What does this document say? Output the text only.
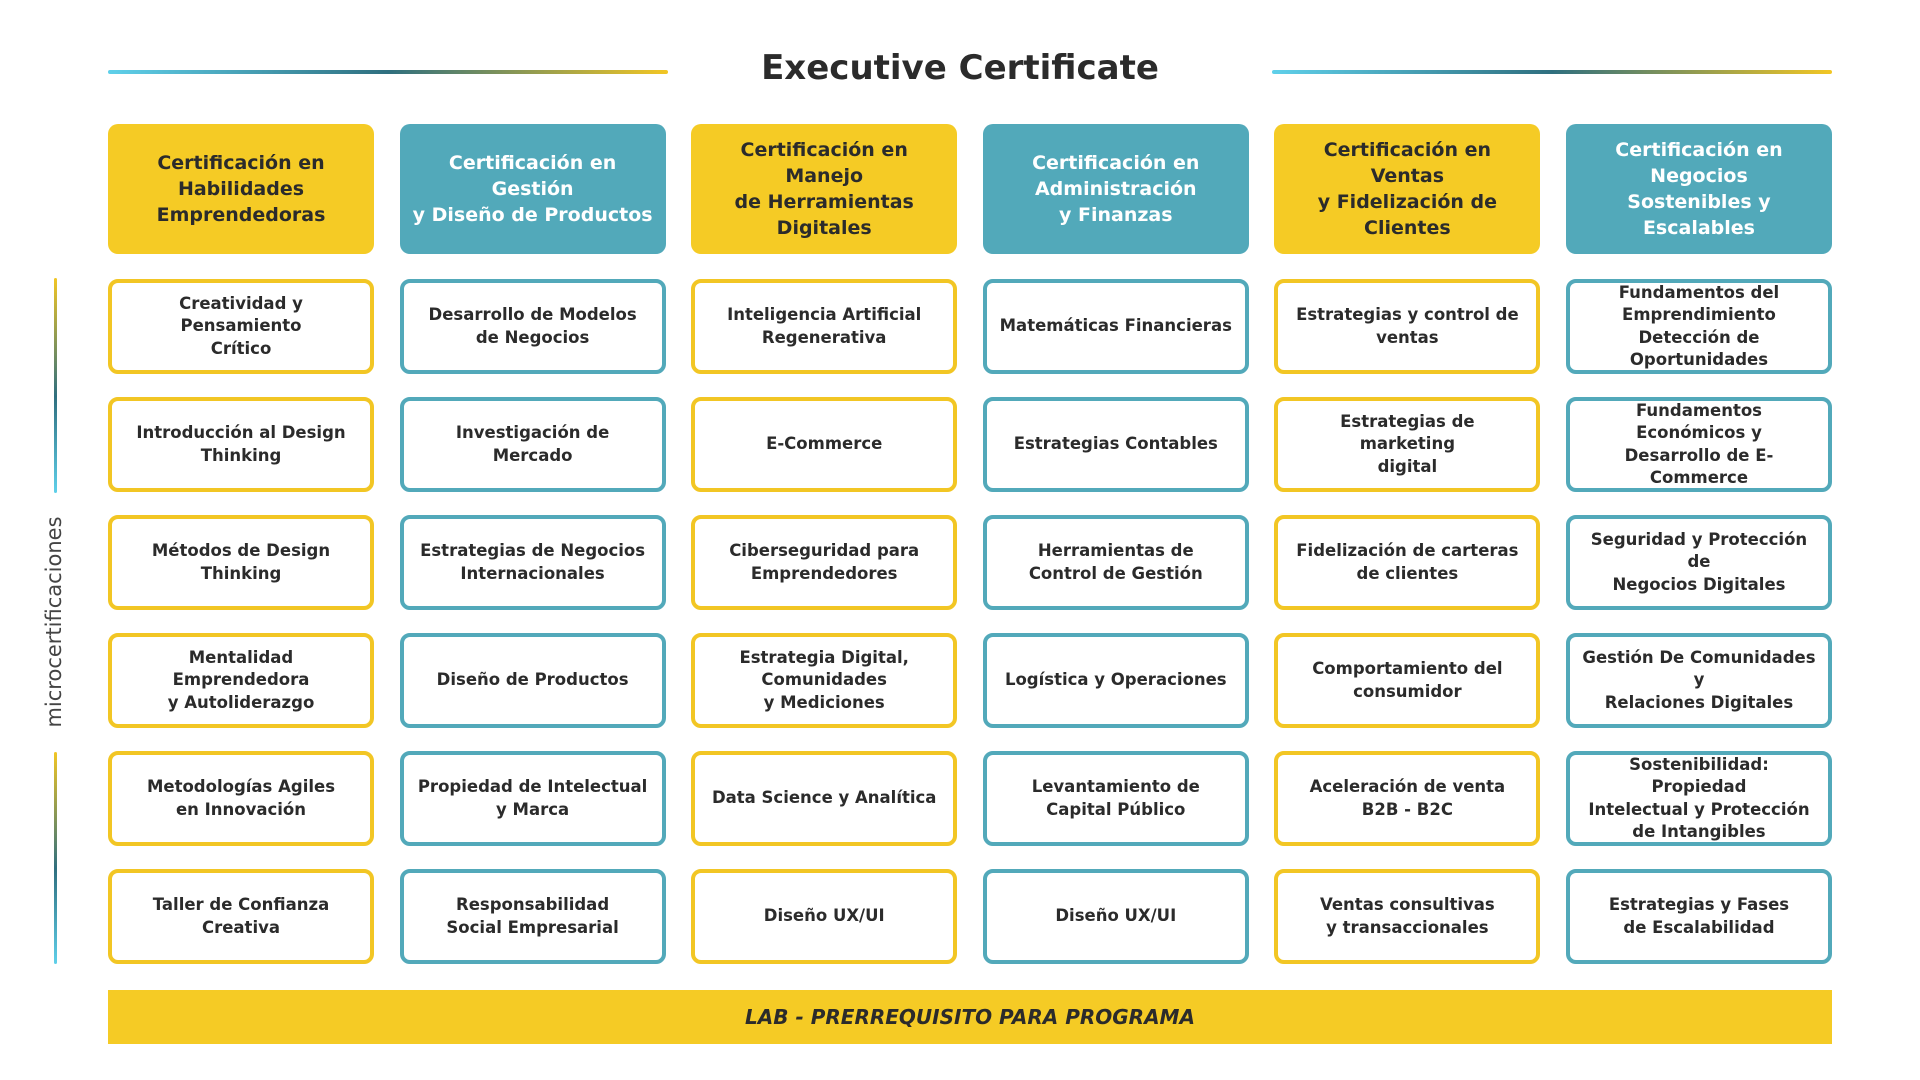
Executive Certificate
microcertificaciones
Certificación en
Habilidades
Emprendedoras
Creatividad y Pensamiento
Crítico
Introducción al Design
Thinking
Métodos de Design
Thinking
Mentalidad Emprendedora
y Autoliderazgo
Metodologías Agiles
en Innovación
Taller de Confianza
Creativa
Certificación en Gestión
y Diseño de Productos
Desarrollo de Modelos
de Negocios
Investigación de Mercado
Estrategias de Negocios
Internacionales
Diseño de Productos
Propiedad de Intelectual
y Marca
Responsabilidad
Social Empresarial
Certificación en Manejo
de Herramientas
Digitales
Inteligencia Artificial
Regenerativa
E-Commerce
Ciberseguridad para
Emprendedores
Estrategia Digital,
Comunidades
y Mediciones
Data Science y Analítica
Diseño UX/UI
Certificación en
Administración
y Finanzas
Matemáticas Financieras
Estrategias Contables
Herramientas de
Control de Gestión
Logística y Operaciones
Levantamiento de
Capital Público
Diseño UX/UI
Certificación en Ventas
y Fidelización de
Clientes
Estrategias y control de
ventas
Estrategias de marketing
digital
Fidelización de carteras
de clientes
Comportamiento del
consumidor
Aceleración de venta
B2B - B2C
Ventas consultivas
y transaccionales
Certificación en Negocios
Sostenibles y Escalables
Fundamentos del
Emprendimiento
Detección de Oportunidades
Fundamentos Económicos y
Desarrollo de E-Commerce
Seguridad y Protección de
Negocios Digitales
Gestión De Comunidades y
Relaciones Digitales
Sostenibilidad: Propiedad
Intelectual y Protección
de Intangibles
Estrategias y Fases
de Escalabilidad
LAB - PRERREQUISITO PARA PROGRAMA
